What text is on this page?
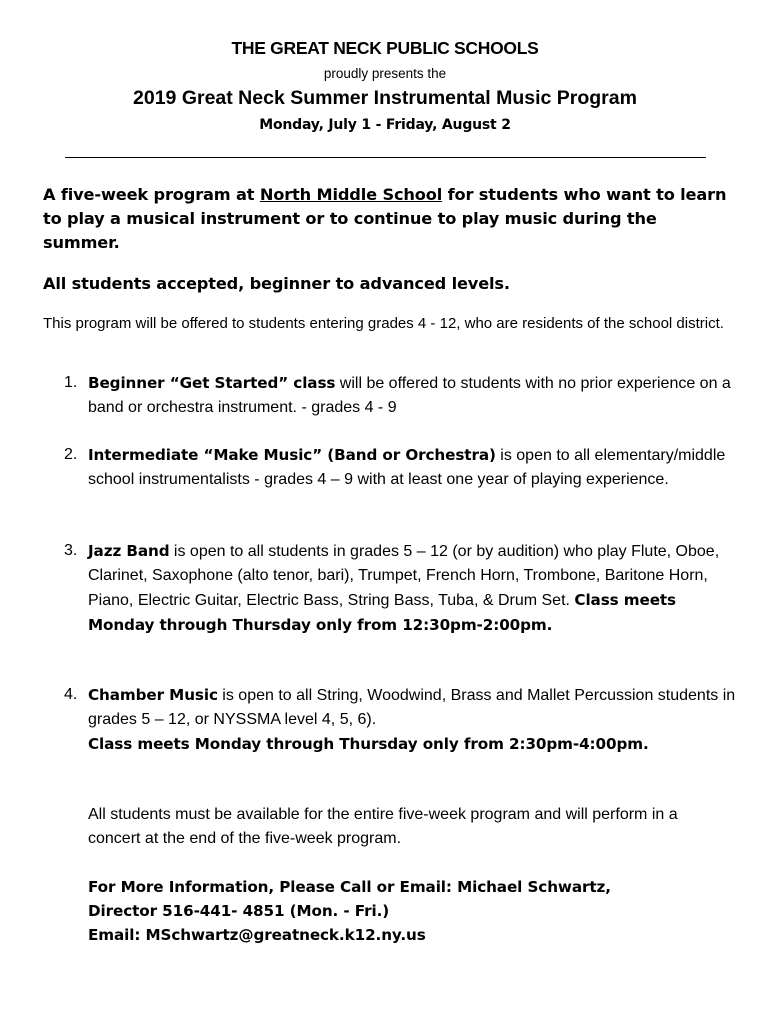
THE GREAT NECK PUBLIC SCHOOLS
proudly presents the
2019 Great Neck Summer Instrumental Music Program
Monday, July 1 - Friday, August 2
A five-week program at North Middle School for students who want to learn to play a musical instrument or to continue to play music during the summer.
All students accepted, beginner to advanced levels.
This program will be offered to students entering grades 4 - 12, who are residents of the school district.
1. Beginner “Get Started” class will be offered to students with no prior experience on a band or orchestra instrument. - grades 4 - 9
2. Intermediate “Make Music” (Band or Orchestra) is open to all elementary/middle school instrumentalists - grades 4 – 9 with at least one year of playing experience.
3. Jazz Band is open to all students in grades 5 – 12 (or by audition) who play Flute, Oboe, Clarinet, Saxophone (alto tenor, bari), Trumpet, French Horn, Trombone, Baritone Horn, Piano, Electric Guitar, Electric Bass, String Bass, Tuba, & Drum Set. Class meets Monday through Thursday only from 12:30pm-2:00pm.
4. Chamber Music is open to all String, Woodwind, Brass and Mallet Percussion students in grades 5 – 12, or NYSSMA level 4, 5, 6).
Class meets Monday through Thursday only from 2:30pm-4:00pm.
All students must be available for the entire five-week program and will perform in a concert at the end of the five-week program.
For More Information, Please Call or Email: Michael Schwartz,
Director 516-441- 4851 (Mon. - Fri.)
Email: MSchwartz@greatneck.k12.ny.us
